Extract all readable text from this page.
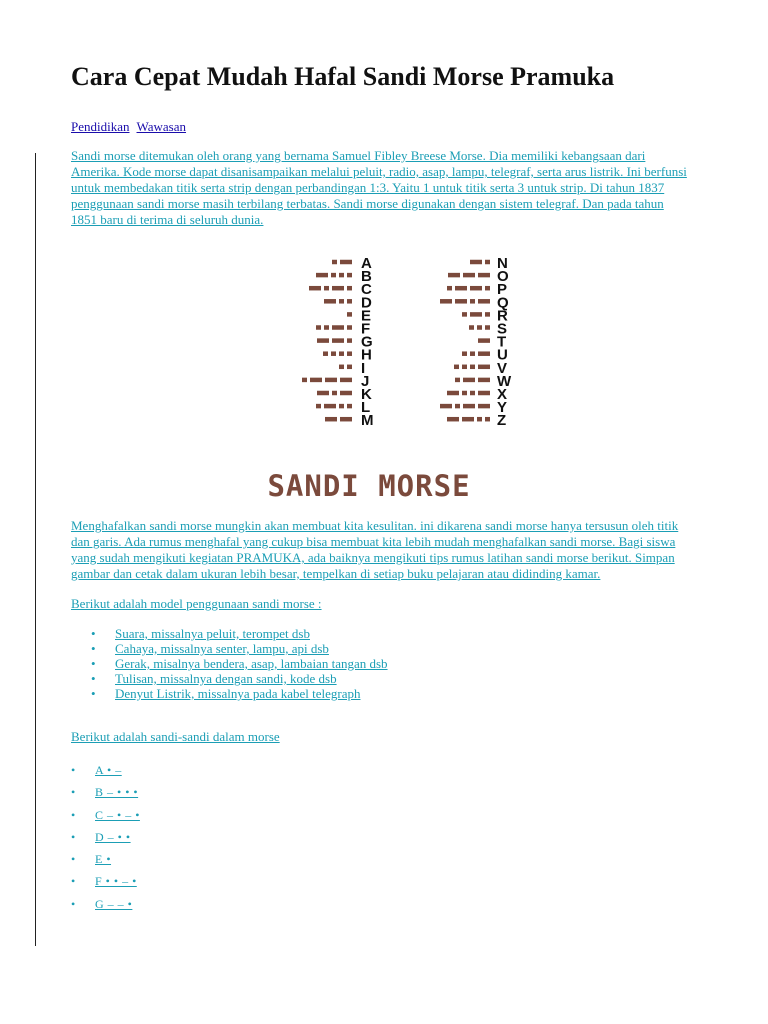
Cara Cepat Mudah Hafal Sandi Morse Pramuka
Pendidikan Wawasan
Sandi morse ditemukan oleh orang yang bernama Samuel Fibley Breese Morse. Dia memiliki kebangsaan dari Amerika. Kode morse dapat disanisampaikan melalui peluit, radio, asap, lampu, telegraf, serta arus listrik. Ini berfunsi untuk membedakan titik serta strip dengan perbandingan 1:3. Yaitu 1 untuk titik serta 3 untuk strip. Di tahun 1837 penggunaan sandi morse masih terbilang terbatas. Sandi morse digunakan dengan sistem telegraf. Dan pada tahun 1851 baru di terima di seluruh dunia.
A
B
C
D
E
F
G
H
I
J
K
L
M
N
O
P
Q
R
S
T
U
V
W
X
Y
Z
SANDI MORSE
Menghafalkan sandi morse mungkin akan membuat kita kesulitan. ini dikarena sandi morse hanya tersusun oleh titik dan garis. Ada rumus menghafal yang cukup bisa membuat kita lebih mudah menghafalkan sandi morse. Bagi siswa yang sudah mengikuti kegiatan PRAMUKA, ada baiknya mengikuti tips rumus latihan sandi morse berikut. Simpan gambar dan cetak dalam ukuran lebih besar, tempelkan di setiap buku pelajaran atau didinding kamar.
Berikut adalah model penggunaan sandi morse :
• Suara, missalnya peluit, terompet dsb
• Cahaya, missalnya senter, lampu, api dsb
• Gerak, misalnya bendera, asap, lambaian tangan dsb
• Tulisan, missalnya dengan sandi, kode dsb
• Denyut Listrik, missalnya pada kabel telegraph
Berikut adalah sandi-sandi dalam morse
• A • –
• B – • • •
• C – • – •
• D – • •
• E •
• F • • – •
• G – – •
